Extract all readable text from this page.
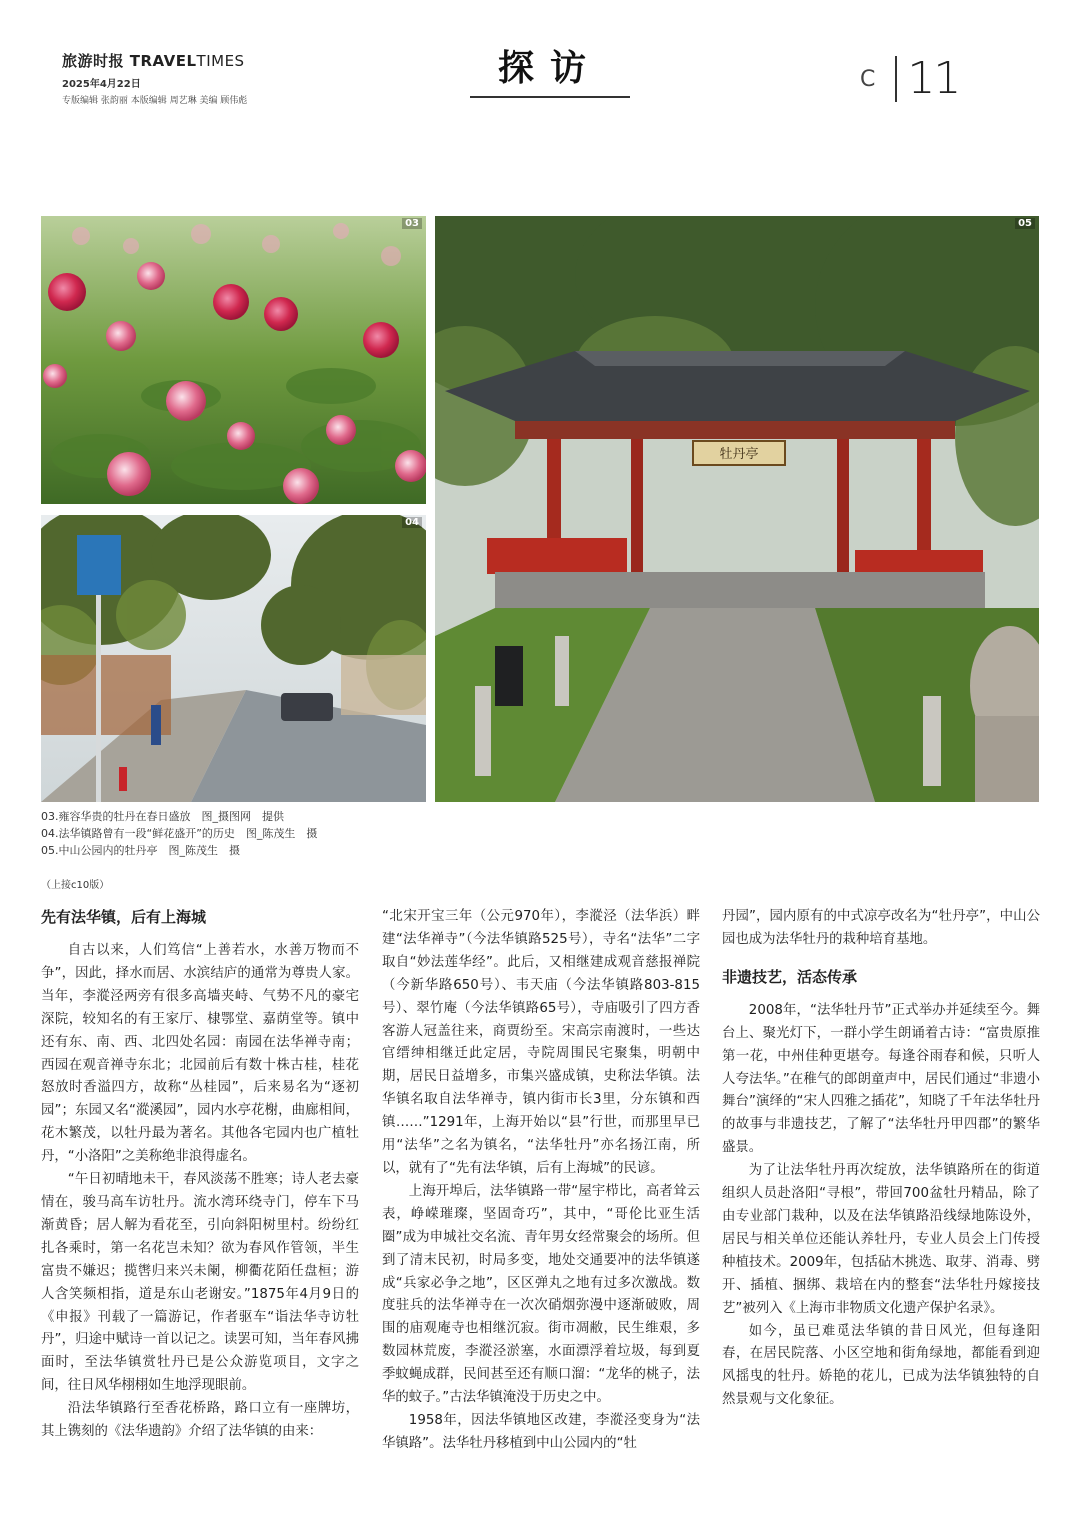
旅游时报 TRAVELTIMES
2025年4月22日
专版编辑 张韵丽 本版编辑 周艺琳 美编 顾伟彪
探访	C 11
03
04
牡丹亭
05
03.雍容华贵的牡丹在春日盛放　图_摄图网　提供
04.法华镇路曾有一段“鲜花盛开”的历史　图_陈茂生　摄
05.中山公园内的牡丹亭　图_陈茂生　摄
（上接c10版）
先有法华镇，后有上海城

自古以来，人们笃信“上善若水，水善万物而不争”，因此，择水而居、水滨结庐的通常为尊贵人家。当年，李漎泾两旁有很多高墙夹峙、气势不凡的豪宅深院，较知名的有王家厅、棣鄂堂、嘉荫堂等。镇中还有东、南、西、北四处名园：南园在法华禅寺南；西园在观音禅寺东北；北园前后有数十株古桂，桂花怒放时香溢四方，故称“丛桂园”，后来易名为“逐初园”；东园又名“漎溪园”，园内水亭花榭，曲廊相间，花木繁茂，以牡丹最为著名。其他各宅园内也广植牡丹，“小洛阳”之美称绝非浪得虚名。

“午日初晴地未干，春风淡荡不胜寒；诗人老去豪情在，骏马高车访牡丹。流水湾环绕寺门，停车下马渐黄昏；居人解为看花至，引向斜阳树里村。纷纷红扎各乘时，第一名花岂未知？欲为春风作管领，半生富贵不嫌迟；揽辔归来兴未阑，柳衢花陌任盘桓；游人含笑频相指，道是东山老谢安。”1875年4月9日的《申报》刊载了一篇游记，作者驱车“诣法华寺访牡丹”，归途中赋诗一首以记之。读罢可知，当年春风拂面时，至法华镇赏牡丹已是公众游览项目，文字之间，往日风华栩栩如生地浮现眼前。

沿法华镇路行至香花桥路，路口立有一座牌坊，其上镌刻的《法华遗韵》介绍了法华镇的由来：

“北宋开宝三年（公元970年），李漎泾（法华浜）畔建“法华禅寺”（今法华镇路525号），寺名“法华”二字取自“妙法莲华经”。此后，又相继建成观音慈报禅院（今新华路650号）、韦天庙（今法华镇路803-815号）、翠竹庵（今法华镇路65号），寺庙吸引了四方香客游人冠盖往来，商贾纷至。宋高宗南渡时，一些达官缙绅相继迁此定居，寺院周围民宅聚集，明朝中期，居民日益增多，市集兴盛成镇，史称法华镇。法华镇名取自法华禅寺，镇内街市长3里，分东镇和西镇……”1291年，上海开始以“县”行世，而那里早已用“法华”之名为镇名，“法华牡丹”亦名扬江南，所以，就有了“先有法华镇，后有上海城”的民谚。

上海开埠后，法华镇路一带“屋宇栉比，高者耸云表，峥嵘璀璨，坚固奇巧”，其中，“哥伦比亚生活圈”成为申城社交名流、青年男女经常聚会的场所。但到了清末民初，时局多变，地处交通要冲的法华镇遂成“兵家必争之地”，区区弹丸之地有过多次激战。数度驻兵的法华禅寺在一次次硝烟弥漫中逐渐破败，周围的庙观庵寺也相继沉寂。街市凋敝，民生维艰，多数园林荒废，李漎泾淤塞，水面漂浮着垃圾，每到夏季蚊蝇成群，民间甚至还有顺口溜：“龙华的桃子，法华的蚊子。”古法华镇淹没于历史之中。

1958年，因法华镇地区改建，李漎泾变身为“法华镇路”。法华牡丹移植到中山公园内的“牡

丹园”，园内原有的中式凉亭改名为“牡丹亭”，中山公园也成为法华牡丹的栽种培育基地。

非遗技艺，活态传承

2008年，“法华牡丹节”正式举办并延续至今。舞台上、聚光灯下，一群小学生朗诵着古诗：“富贵原推第一花，中州佳种更堪夸。每逢谷雨春和候，只听人人夸法华。”在稚气的郎朗童声中，居民们通过“非遗小舞台”演绎的“宋人四雅之插花”，知晓了千年法华牡丹的故事与非遗技艺，了解了“法华牡丹甲四郡”的繁华盛景。

为了让法华牡丹再次绽放，法华镇路所在的街道组织人员赴洛阳“寻根”，带回700盆牡丹精品，除了由专业部门栽种，以及在法华镇路沿线绿地陈设外，居民与相关单位还能认养牡丹，专业人员会上门传授种植技术。2009年，包括砧木挑选、取芽、消毒、劈开、插植、捆绑、栽培在内的整套“法华牡丹嫁接技艺”被列入《上海市非物质文化遗产保护名录》。

如今，虽已难觅法华镇的昔日风光，但每逢阳春，在居民院落、小区空地和街角绿地，都能看到迎风摇曳的牡丹。娇艳的花儿，已成为法华镇独特的自然景观与文化象征。
